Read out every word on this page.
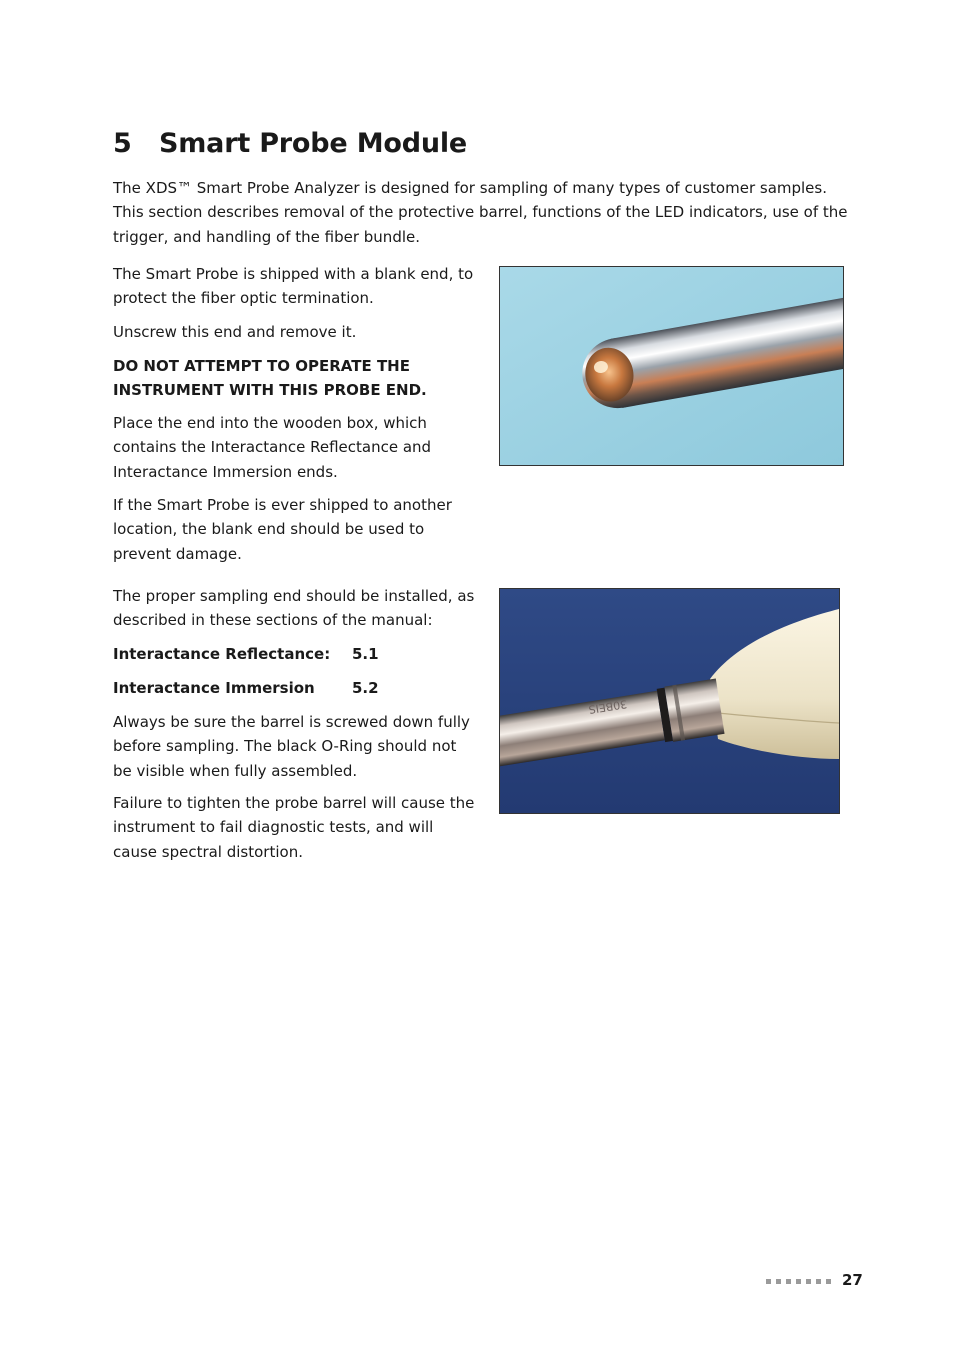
5 Smart Probe Module

The XDS™ Smart Probe Analyzer is designed for sampling of many types of customer samples. This section describes removal of the protective barrel, functions of the LED indicators, use of the trigger, and handling of the fiber bundle.

The Smart Probe is shipped with a blank end, to protect the fiber optic termination.

Unscrew this end and remove it.

DO NOT ATTEMPT TO OPERATE THE INSTRUMENT WITH THIS PROBE END.

Place the end into the wooden box, which contains the Interactance Reflectance and Interactance Immersion ends.

If the Smart Probe is ever shipped to another location, the blank end should be used to prevent damage.

The proper sampling end should be installed, as described in these sections of the manual:

Interactance Reflectance: 5.1
Interactance Immersion 5.2

Always be sure the barrel is screwed down fully before sampling. The black O-Ring should not be visible when fully assembled.

Failure to tighten the probe barrel will cause the instrument to fail diagnostic tests, and will cause spectral distortion.

30BEIS
27
